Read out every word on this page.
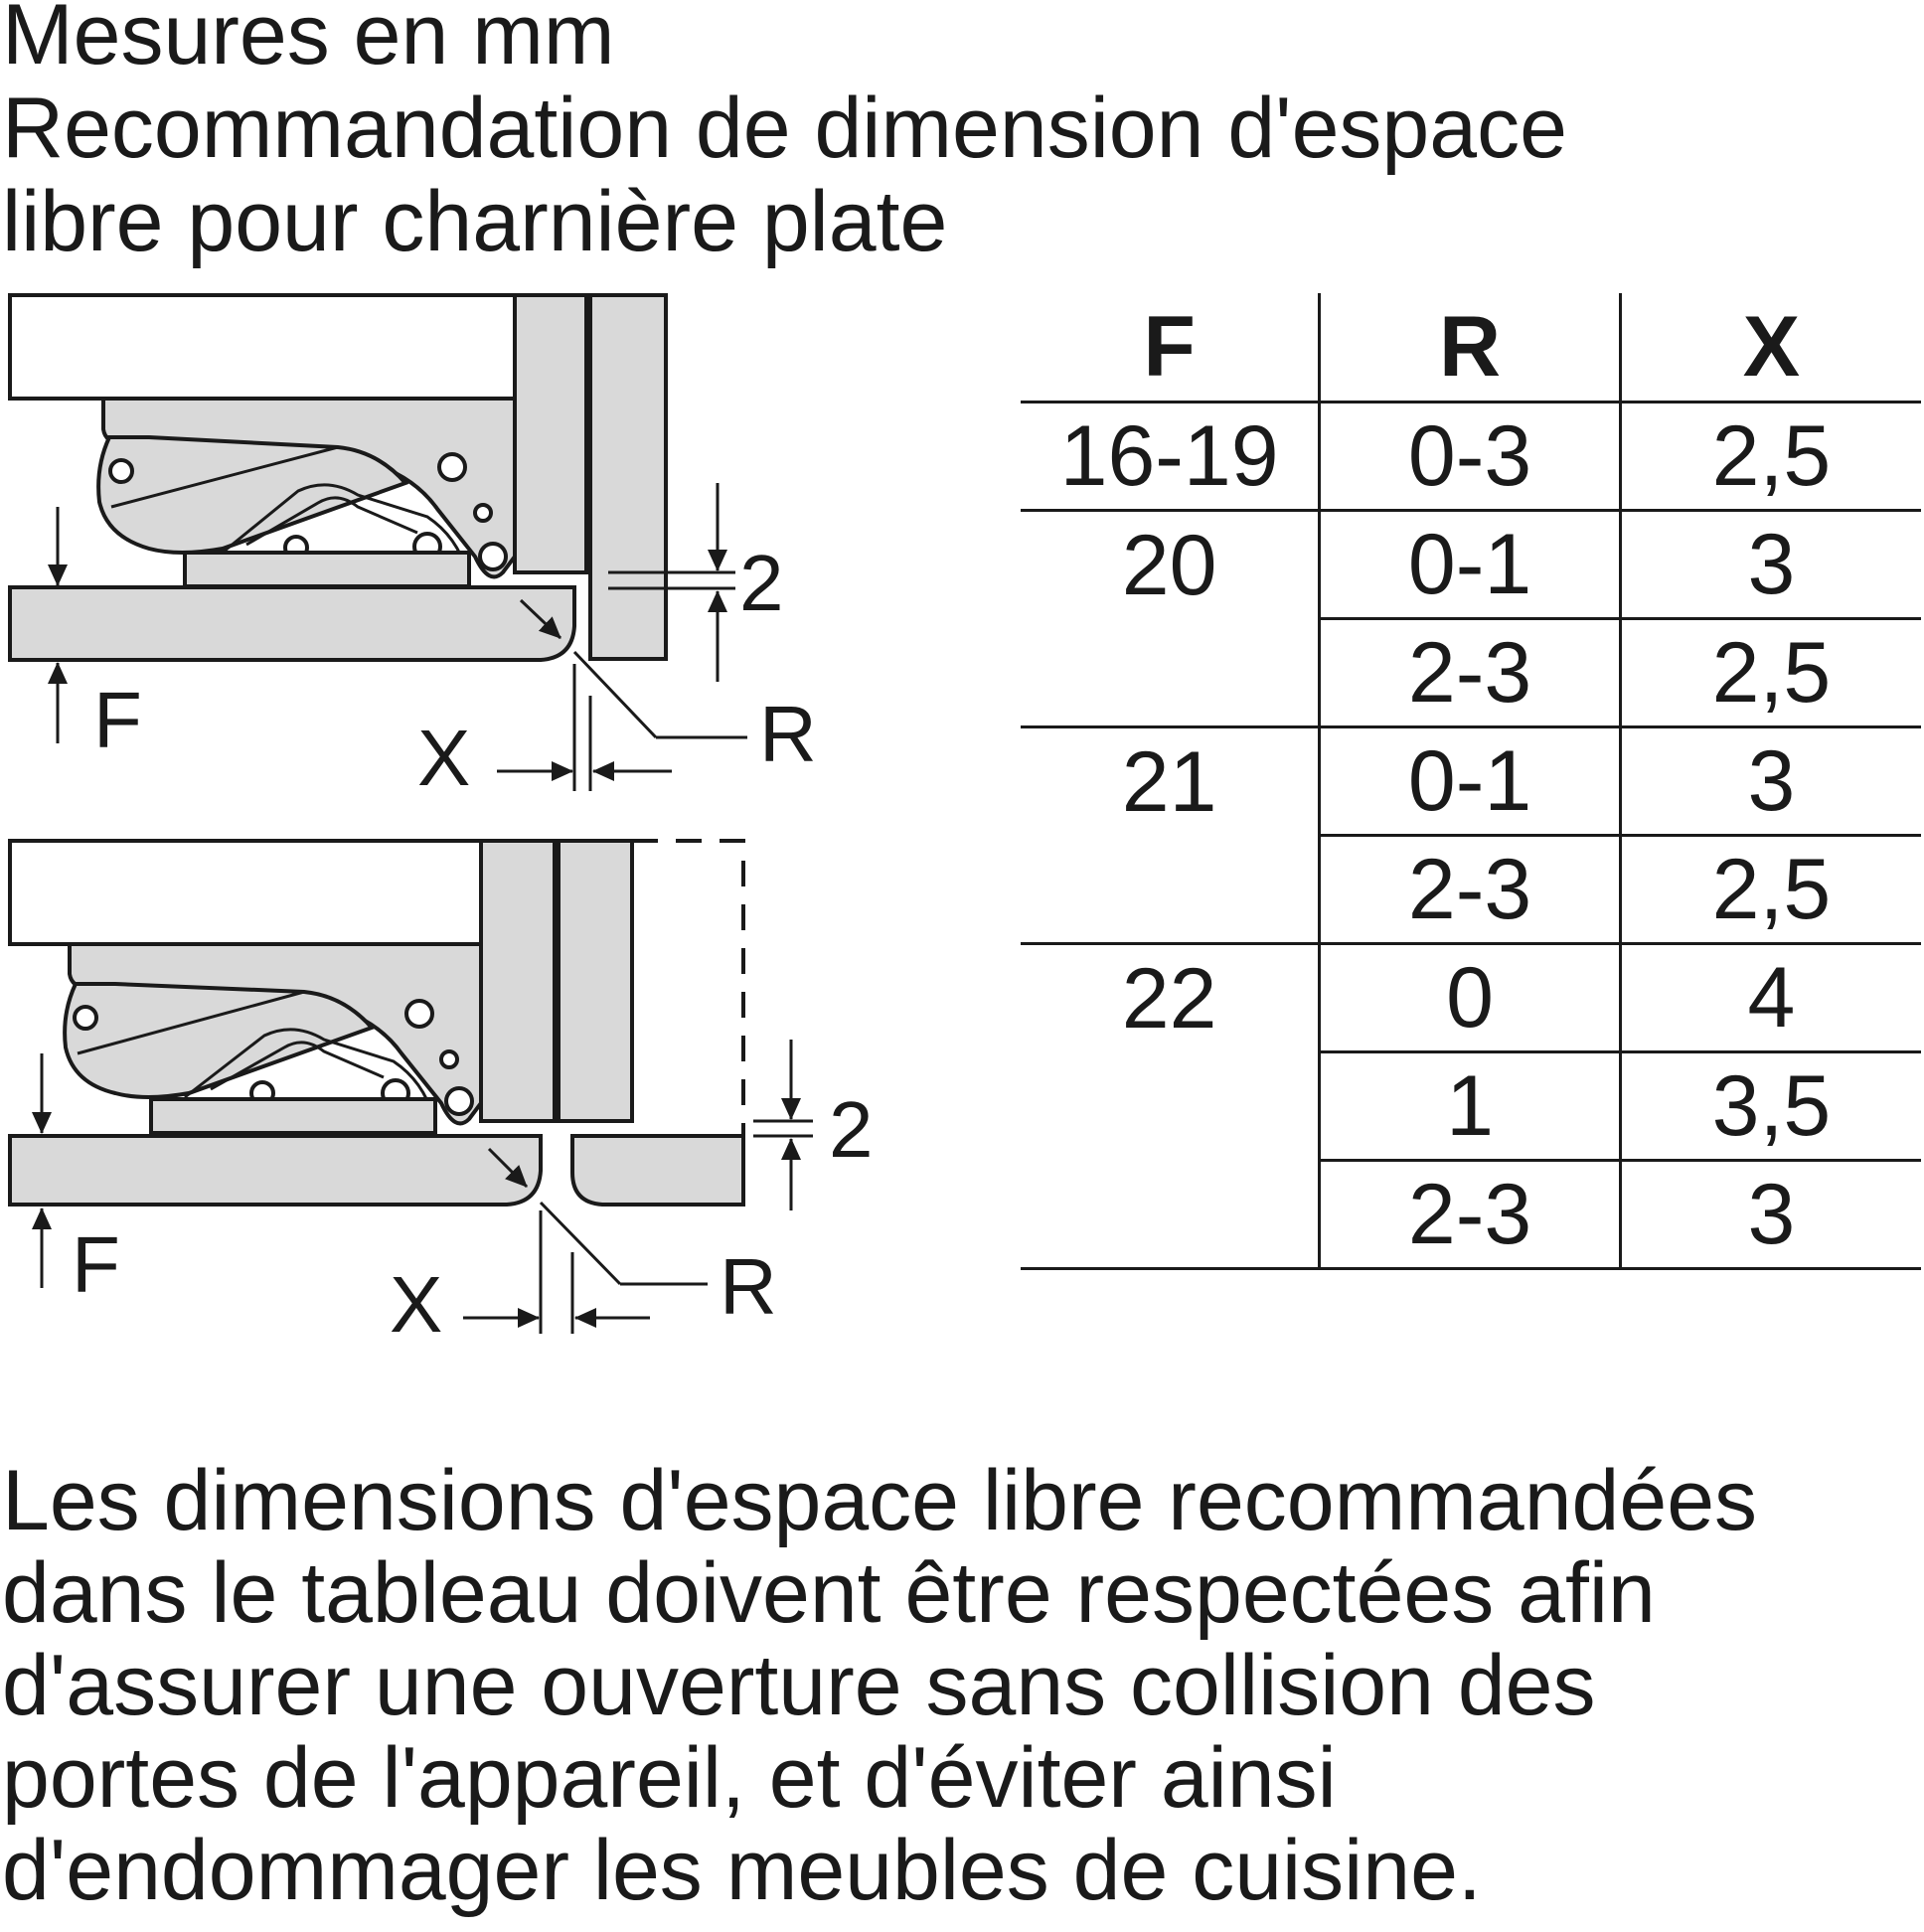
Mesures en mm
Recommandation de dimension d'espace
libre pour charnière plate
2
F	X	R
2
F	X	R
F	R	X
16-19	0-3	2,5
20	0-1	3
	2-3	2,5
21	0-1	3
	2-3	2,5
22	0	4
	1	3,5
	2-3	3
Les dimensions d'espace libre recommandées
dans le tableau doivent être respectées afin
d'assurer une ouverture sans collision des
portes de l'appareil, et d'éviter ainsi
d'endommager les meubles de cuisine.
